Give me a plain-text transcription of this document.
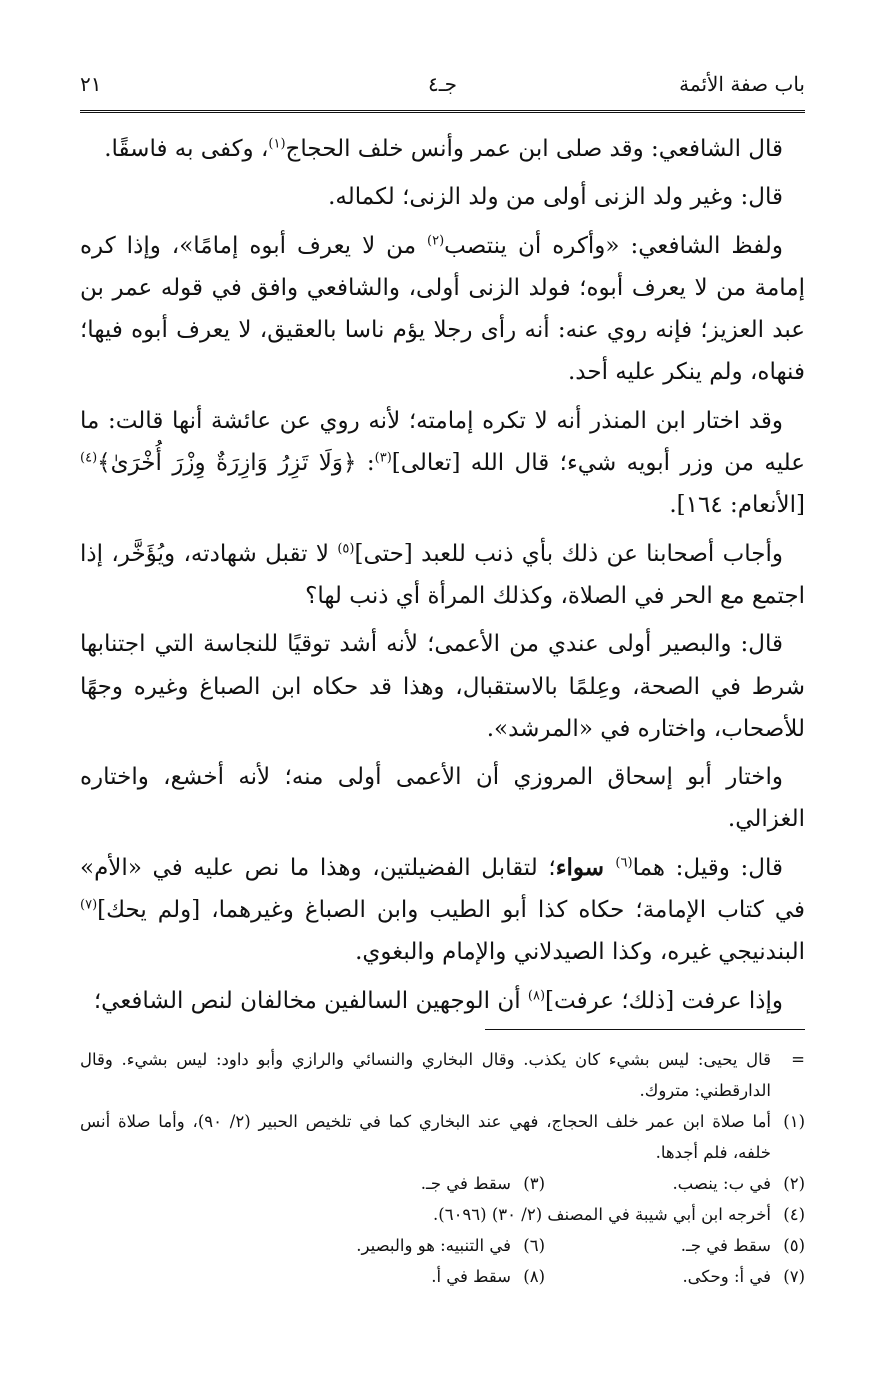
باب صفة الأئمة
جـ٤
٢١

قال الشافعي: وقد صلى ابن عمر وأنس خلف الحجاج$^{(١)}$، وكفى به فاسقًا.

قال: وغير ولد الزنى أولى من ولد الزنى؛ لكماله.

ولفظ الشافعي: «وأكره أن ينتصب$^{(٢)}$ من لا يعرف أبوه إمامًا»، وإذا كره إمامة من لا يعرف أبوه؛ فولد الزنى أولى، والشافعي وافق في قوله عمر بن عبد العزيز؛ فإنه روي عنه: أنه رأى رجلا يؤم ناسا بالعقيق، لا يعرف أبوه فيها؛ فنهاه، ولم ينكر عليه أحد.

وقد اختار ابن المنذر أنه لا تكره إمامته؛ لأنه روي عن عائشة أنها قالت: ما عليه من وزر أبويه شيء؛ قال الله [تعالى]$^{(٣)}$: ﴿وَلَا تَزِرُ وَازِرَةٌ وِزْرَ أُخْرَىٰ﴾$^{(٤)}$ [الأنعام: ١٦٤].

وأجاب أصحابنا عن ذلك بأي ذنب للعبد [حتى]$^{(٥)}$ لا تقبل شهادته، ويُؤَخَّر، إذا اجتمع مع الحر في الصلاة، وكذلك المرأة أي ذنب لها؟

قال: والبصير أولى عندي من الأعمى؛ لأنه أشد توقيًا للنجاسة التي اجتنابها شرط في الصحة، وعِلمًا بالاستقبال، وهذا قد حكاه ابن الصباغ وغيره وجهًا للأصحاب، واختاره في «المرشد».

واختار أبو إسحاق المروزي أن الأعمى أولى منه؛ لأنه أخشع، واختاره الغزالي.

قال: وقيل: هما$^{(٦)}$ سواء؛ لتقابل الفضيلتين، وهذا ما نص عليه في «الأم» في كتاب الإمامة؛ حكاه كذا أبو الطيب وابن الصباغ وغيرهما، [ولم يحك]$^{(٧)}$ البندنيجي غيره، وكذا الصيدلاني والإمام والبغوي.

وإذا عرفت [ذلك؛ عرفت]$^{(٨)}$ أن الوجهين السالفين مخالفان لنص الشافعي؛

=
قال يحيى: ليس بشيء كان يكذب. وقال البخاري والنسائي والرازي وأبو داود: ليس بشيء. وقال الدارقطني: متروك.
(١)
أما صلاة ابن عمر خلف الحجاج، فهي عند البخاري كما في تلخيص الحبير (٢/ ٩٠)، وأما صلاة أنس خلفه، فلم أجدها.
(٢)
في ب: ينصب.
(٣)
سقط في جـ.
(٤)
أخرجه ابن أبي شيبة في المصنف (٢/ ٣٠) (٦٠٩٦).
(٥)
سقط في جـ.
(٦)
في التنبيه: هو والبصير.
(٧)
في أ: وحكى.
(٨)
سقط في أ.
